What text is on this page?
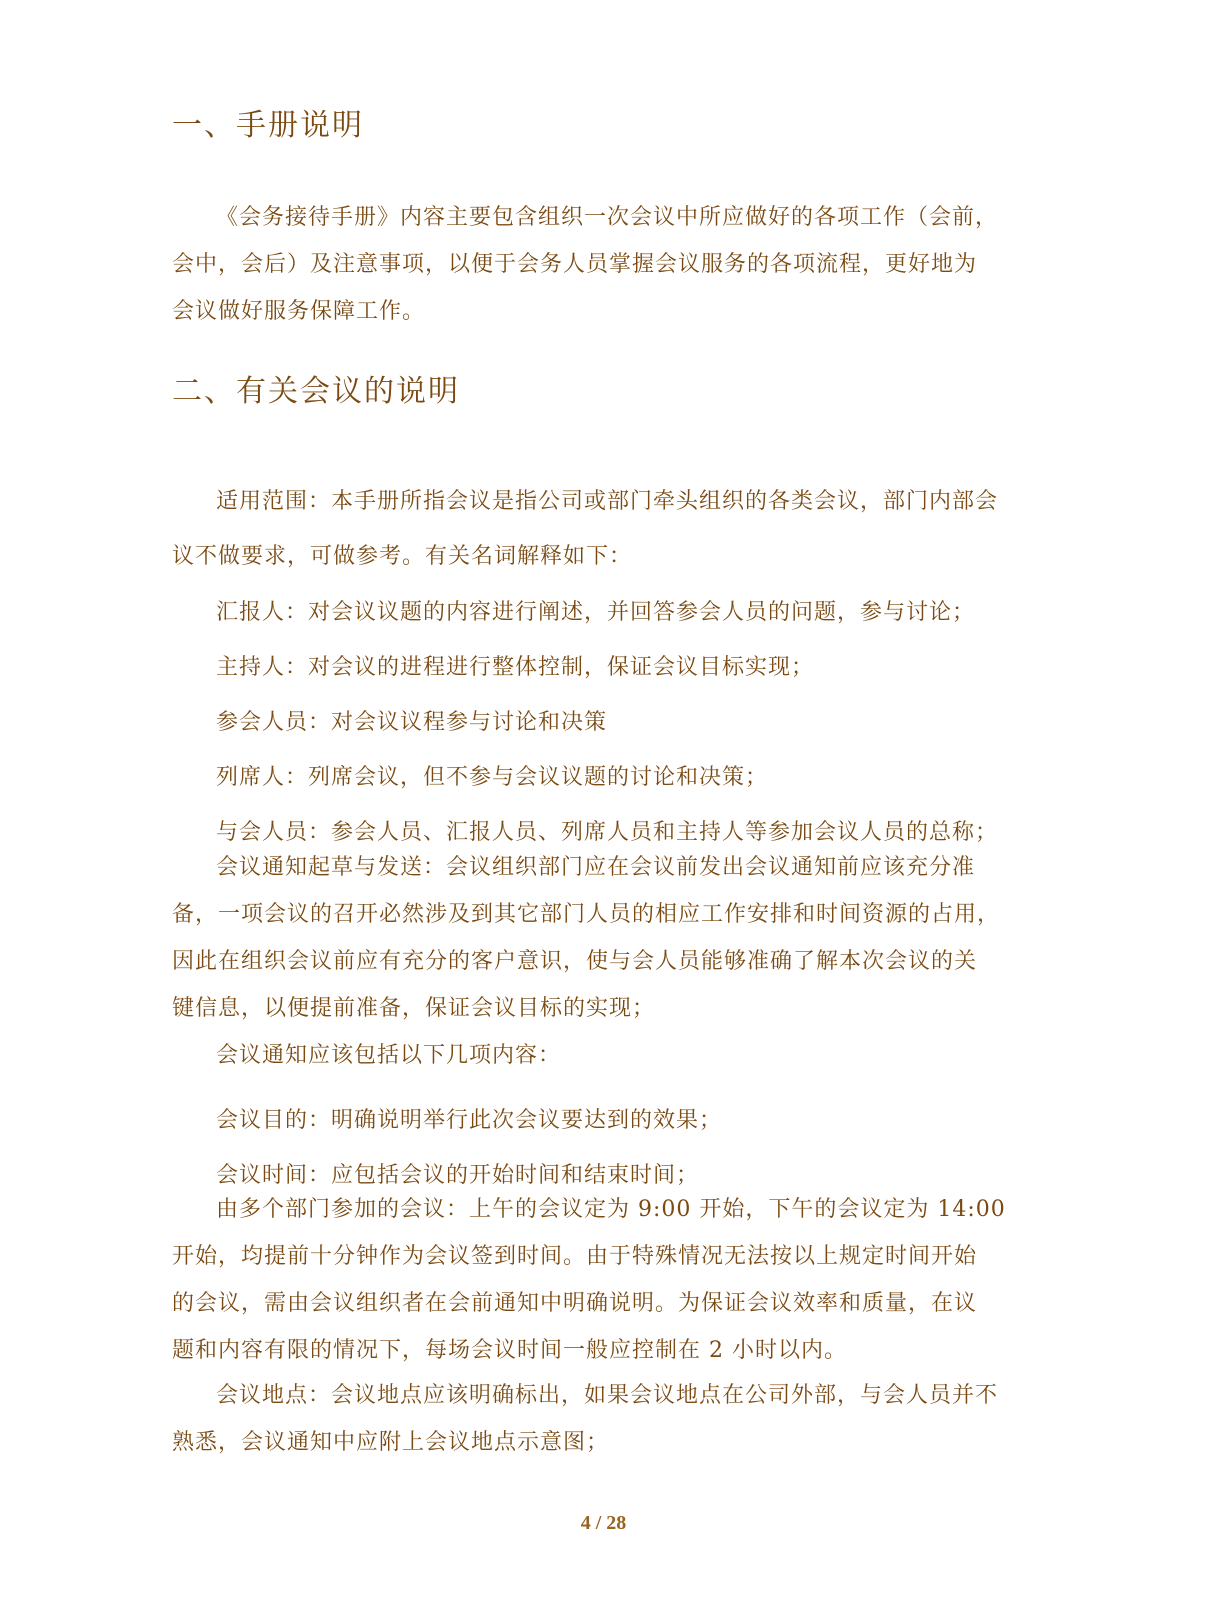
一、手册说明
《会务接待手册》内容主要包含组织一次会议中所应做好的各项工作（会前，
会中，会后）及注意事项，以便于会务人员掌握会议服务的各项流程，更好地为
会议做好服务保障工作。
二、有关会议的说明
适用范围：本手册所指会议是指公司或部门牵头组织的各类会议，部门内部会
议不做要求，可做参考。有关名词解释如下：
汇报人：对会议议题的内容进行阐述，并回答参会人员的问题，参与讨论；
主持人：对会议的进程进行整体控制，保证会议目标实现；
参会人员：对会议议程参与讨论和决策
列席人：列席会议，但不参与会议议题的讨论和决策；
与会人员：参会人员、汇报人员、列席人员和主持人等参加会议人员的总称；
会议通知起草与发送：会议组织部门应在会议前发出会议通知前应该充分准
备，一项会议的召开必然涉及到其它部门人员的相应工作安排和时间资源的占用，
因此在组织会议前应有充分的客户意识，使与会人员能够准确了解本次会议的关
键信息，以便提前准备，保证会议目标的实现；
会议通知应该包括以下几项内容：
会议目的：明确说明举行此次会议要达到的效果；
会议时间：应包括会议的开始时间和结束时间；
由多个部门参加的会议：上午的会议定为 9:00 开始，下午的会议定为 14:00
开始，均提前十分钟作为会议签到时间。由于特殊情况无法按以上规定时间开始
的会议，需由会议组织者在会前通知中明确说明。为保证会议效率和质量，在议
题和内容有限的情况下，每场会议时间一般应控制在 2 小时以内。
会议地点：会议地点应该明确标出，如果会议地点在公司外部，与会人员并不
熟悉，会议通知中应附上会议地点示意图；
4 / 28
